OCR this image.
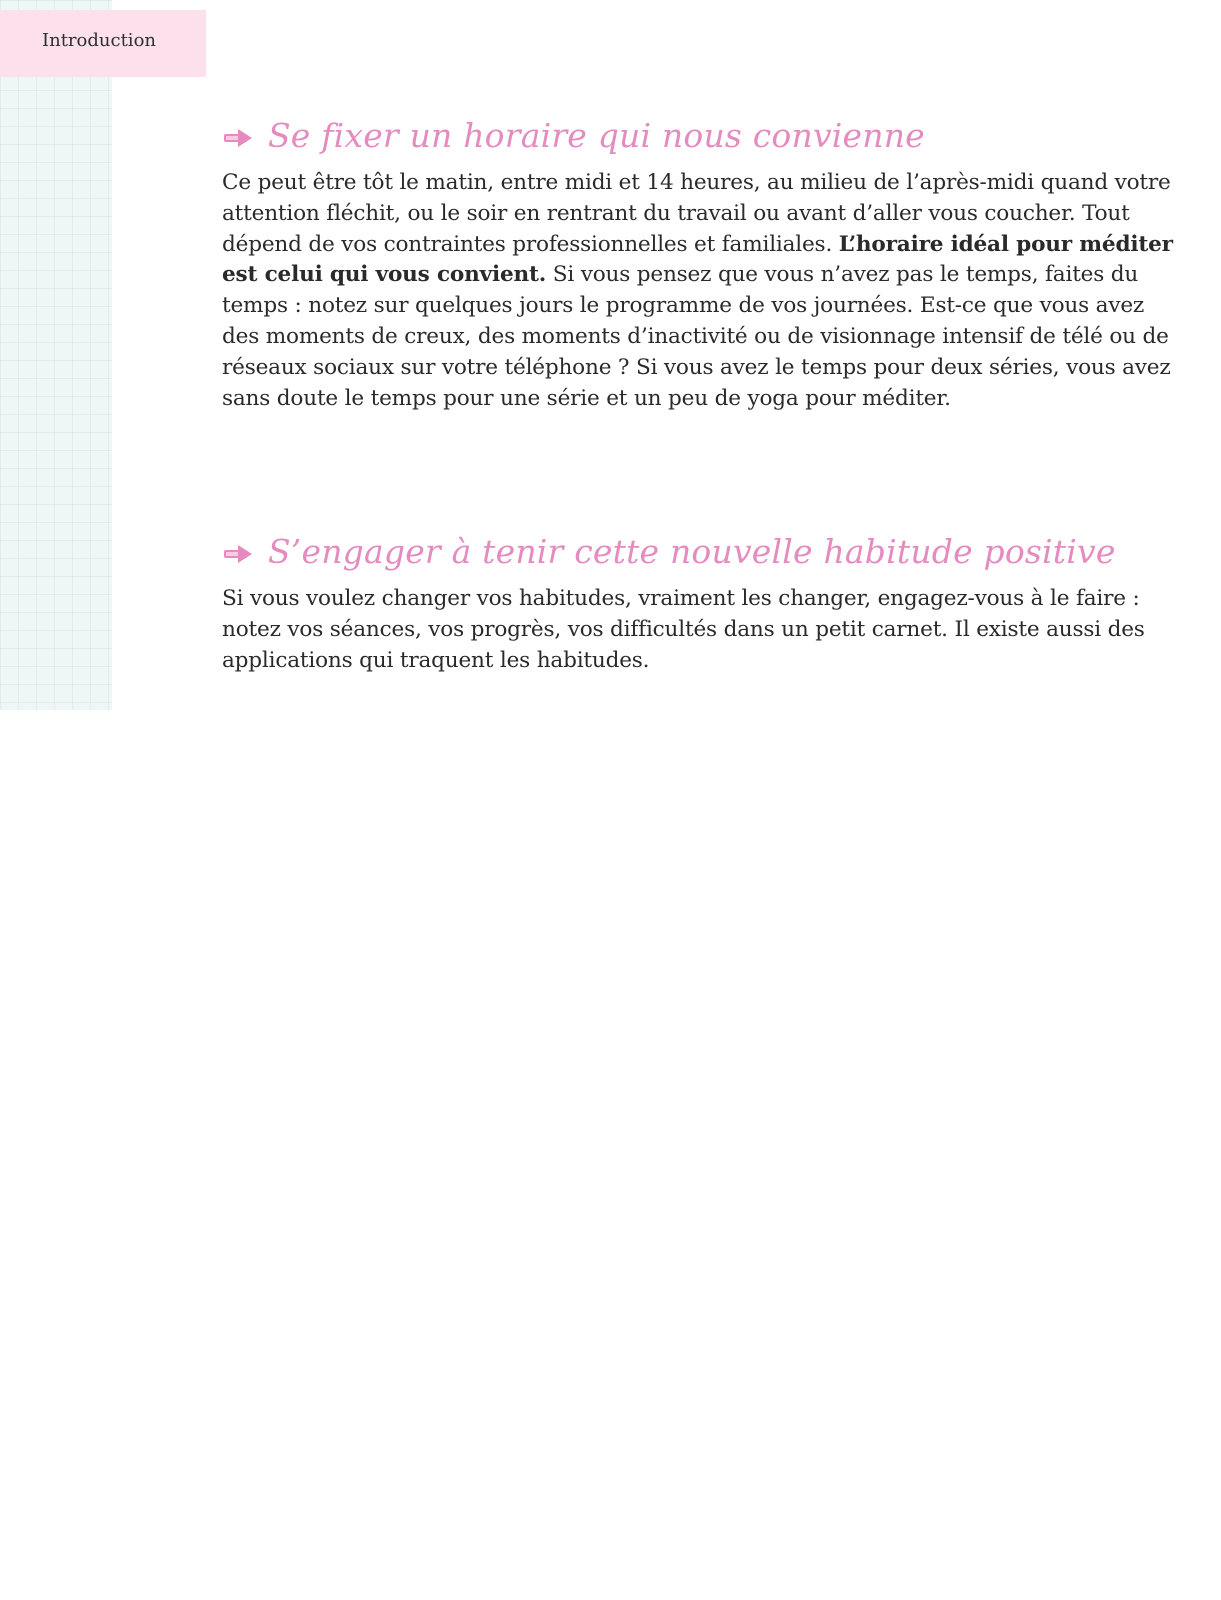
Introduction
Se fixer un horaire qui nous convienne

Ce peut être tôt le matin, entre midi et 14 heures, au milieu de l’après-midi quand votre attention fléchit, ou le soir en rentrant du travail ou avant d’aller vous coucher. Tout dépend de vos contraintes professionnelles et familiales. L’horaire idéal pour méditer est celui qui vous convient. Si vous pensez que vous n’avez pas le temps, faites du temps : notez sur quelques jours le programme de vos journées. Est-ce que vous avez des moments de creux, des moments d’inactivité ou de visionnage intensif de télé ou de réseaux sociaux sur votre téléphone ? Si vous avez le temps pour deux séries, vous avez sans doute le temps pour une série et un peu de yoga pour méditer.

S’engager à tenir cette nouvelle habitude positive

Si vous voulez changer vos habitudes, vraiment les changer, engagez-vous à le faire : notez vos séances, vos progrès, vos difficultés dans un petit carnet. Il existe aussi des applications qui traquent les habitudes.
